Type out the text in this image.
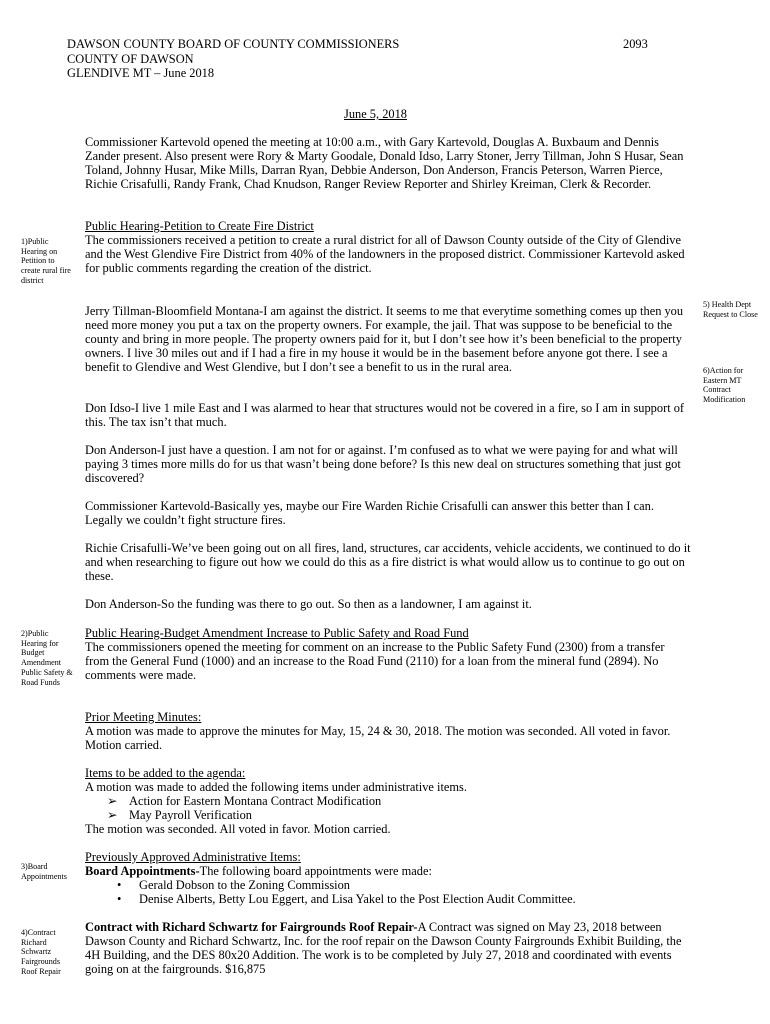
DAWSON COUNTY BOARD OF COUNTY COMMISSIONERS
COUNTY OF DAWSON
GLENDIVE MT – June 2018
2093
June 5, 2018
Commissioner Kartevold opened the meeting at 10:00 a.m., with Gary Kartevold, Douglas A. Buxbaum and Dennis Zander present. Also present were Rory & Marty Goodale, Donald Idso, Larry Stoner, Jerry Tillman, John S Husar, Sean Toland, Johnny Husar, Mike Mills, Darran Ryan, Debbie Anderson, Don Anderson, Francis Peterson, Warren Pierce, Richie Crisafulli, Randy Frank, Chad Knudson, Ranger Review Reporter and Shirley Kreiman, Clerk & Recorder.
Public Hearing-Petition to Create Fire District
The commissioners received a petition to create a rural district for all of Dawson County outside of the City of Glendive and the West Glendive Fire District from 40% of the landowners in the proposed district. Commissioner Kartevold asked for public comments regarding the creation of the district.
Jerry Tillman-Bloomfield Montana-I am against the district. It seems to me that everytime something comes up then you need more money you put a tax on the property owners. For example, the jail. That was suppose to be beneficial to the county and bring in more people. The property owners paid for it, but I don’t see how it’s been beneficial to the property owners. I live 30 miles out and if I had a fire in my house it would be in the basement before anyone got there. I see a benefit to Glendive and West Glendive, but I don’t see a benefit to us in the rural area.
Don Idso-I live 1 mile East and I was alarmed to hear that structures would not be covered in a fire, so I am in support of this. The tax isn’t that much.
Don Anderson-I just have a question. I am not for or against. I’m confused as to what we were paying for and what will paying 3 times more mills do for us that wasn’t being done before? Is this new deal on structures something that just got discovered?
Commissioner Kartevold-Basically yes, maybe our Fire Warden Richie Crisafulli can answer this better than I can. Legally we couldn’t fight structure fires.
Richie Crisafulli-We’ve been going out on all fires, land, structures, car accidents, vehicle accidents, we continued to do it and when researching to figure out how we could do this as a fire district is what would allow us to continue to go out on these.
Don Anderson-So the funding was there to go out. So then as a landowner, I am against it.
Public Hearing-Budget Amendment Increase to Public Safety and Road Fund
The commissioners opened the meeting for comment on an increase to the Public Safety Fund (2300) from a transfer from the General Fund (1000) and an increase to the Road Fund (2110) for a loan from the mineral fund (2894). No comments were made.
Prior Meeting Minutes:
A motion was made to approve the minutes for May, 15, 24 & 30, 2018. The motion was seconded. All voted in favor. Motion carried.
Items to be added to the agenda:
A motion was made to added the following items under administrative items.
➢ Action for Eastern Montana Contract Modification
➢ May Payroll Verification
The motion was seconded. All voted in favor. Motion carried.
Previously Approved Administrative Items:
Board Appointments-The following board appointments were made:
• Gerald Dobson to the Zoning Commission
• Denise Alberts, Betty Lou Eggert, and Lisa Yakel to the Post Election Audit Committee.
Contract with Richard Schwartz for Fairgrounds Roof Repair-A Contract was signed on May 23, 2018 between Dawson County and Richard Schwartz, Inc. for the roof repair on the Dawson County Fairgrounds Exhibit Building, the 4H Building, and the DES 80x20 Addition. The work is to be completed by July 27, 2018 and coordinated with events going on at the fairgrounds. $16,875
1)Public Hearing on Petition to create rural fire district
2)Public Hearing for Budget Amendment Public Safety & Road Funds
3)Board Appointments
4)Contract Richard Schwartz Fairgrounds Roof Repair
5) Health Dept Request to Close
6)Action for Eastern MT Contract Modification
